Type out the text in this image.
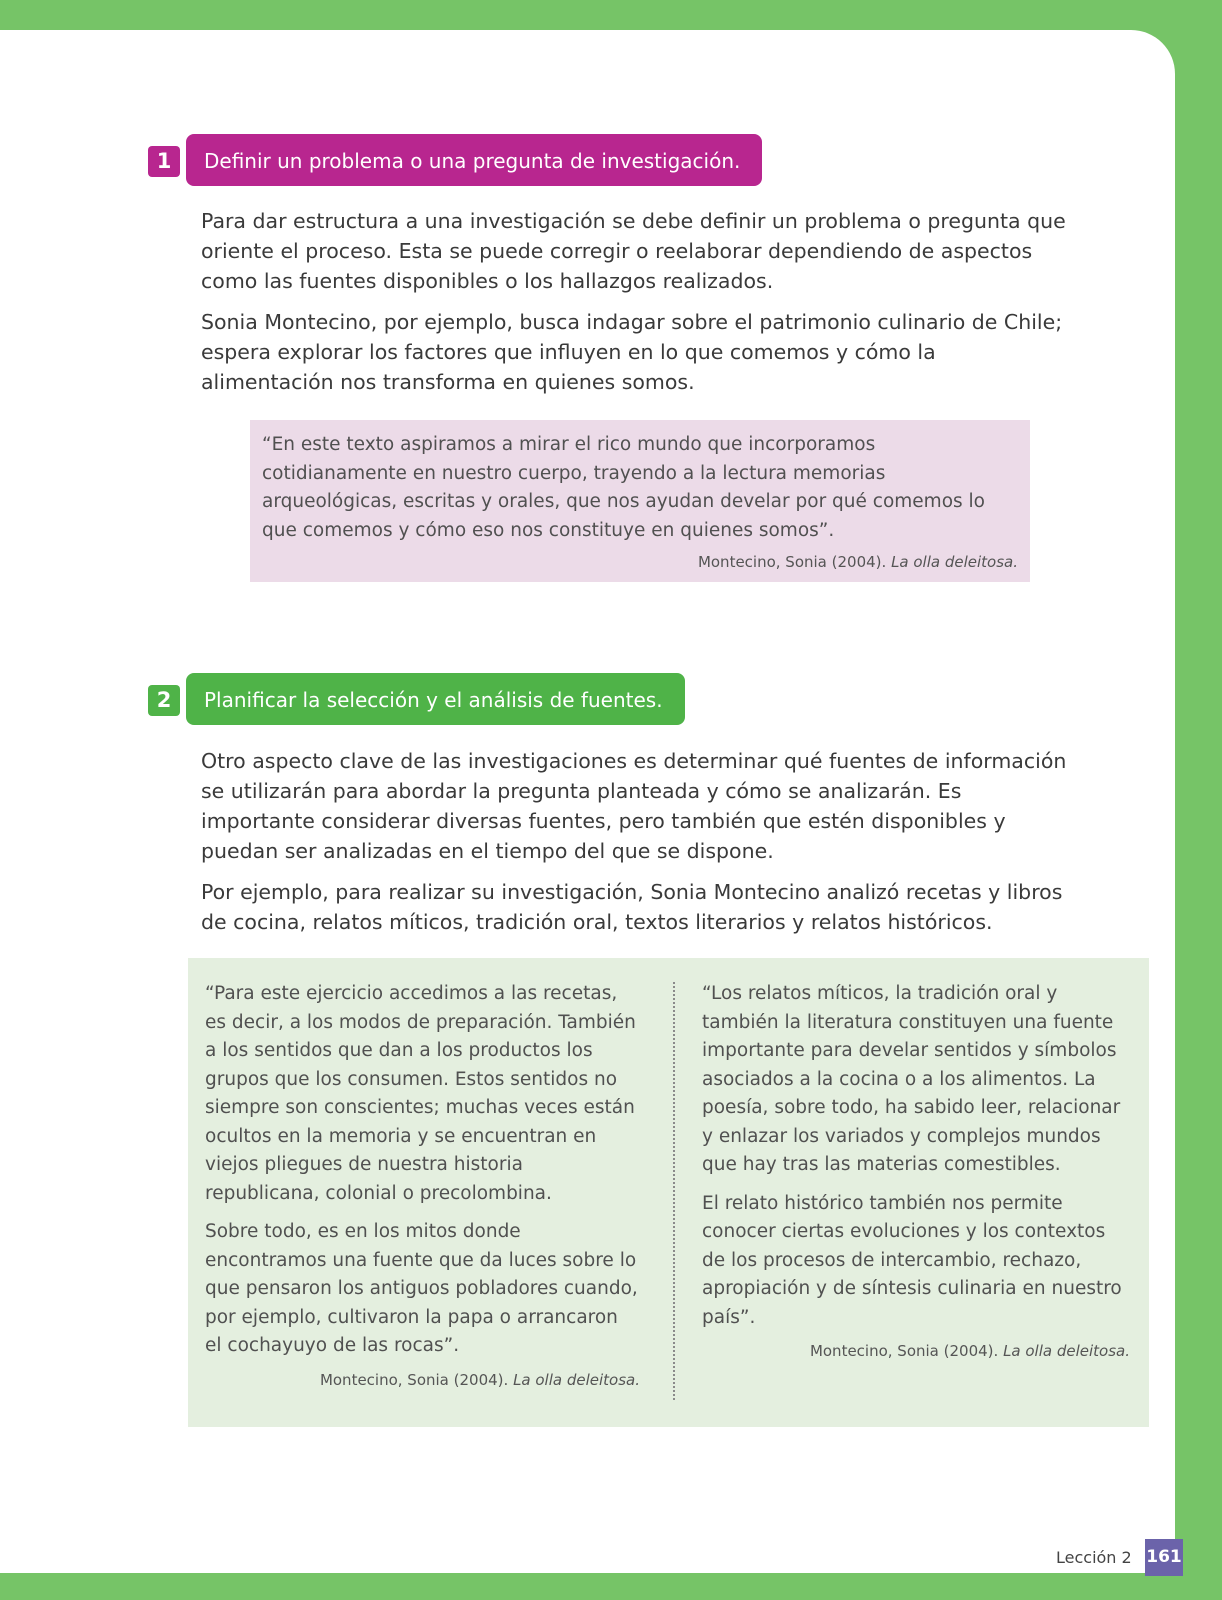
1	Definir un problema o una pregunta de investigación.

Para dar estructura a una investigación se debe definir un problema o pregunta que oriente el proceso. Esta se puede corregir o reelaborar dependiendo de aspectos como las fuentes disponibles o los hallazgos realizados.

Sonia Montecino, por ejemplo, busca indagar sobre el patrimonio culinario de Chile; espera explorar los factores que influyen en lo que comemos y cómo la alimentación nos transforma en quienes somos.

“En este texto aspiramos a mirar el rico mundo que incorporamos cotidianamente en nuestro cuerpo, trayendo a la lectura memorias arqueológicas, escritas y orales, que nos ayudan develar por qué comemos lo que comemos y cómo eso nos constituye en quienes somos”.

Montecino, Sonia (2004). La olla deleitosa.
2	Planificar la selección y el análisis de fuentes.

Otro aspecto clave de las investigaciones es determinar qué fuentes de información se utilizarán para abordar la pregunta planteada y cómo se analizarán. Es importante considerar diversas fuentes, pero también que estén disponibles y puedan ser analizadas en el tiempo del que se dispone.

Por ejemplo, para realizar su investigación, Sonia Montecino analizó recetas y libros de cocina, relatos míticos, tradición oral, textos literarios y relatos históricos.

“Para este ejercicio accedimos a las recetas, es decir, a los modos de preparación. También a los sentidos que dan a los productos los grupos que los consumen. Estos sentidos no siempre son conscientes; muchas veces están ocultos en la memoria y se encuentran en viejos pliegues de nuestra historia republicana, colonial o precolombina.

Sobre todo, es en los mitos donde encontramos una fuente que da luces sobre lo que pensaron los antiguos pobladores cuando, por ejemplo, cultivaron la papa o arrancaron el cochayuyo de las rocas”.

Montecino, Sonia (2004). La olla deleitosa.

“Los relatos míticos, la tradición oral y también la literatura constituyen una fuente importante para develar sentidos y símbolos asociados a la cocina o a los alimentos. La poesía, sobre todo, ha sabido leer, relacionar y enlazar los variados y complejos mundos que hay tras las materias comestibles.

El relato histórico también nos permite conocer ciertas evoluciones y los contextos de los procesos de intercambio, rechazo, apropiación y de síntesis culinaria en nuestro país”.

Montecino, Sonia (2004). La olla deleitosa.
Lección 2 161
